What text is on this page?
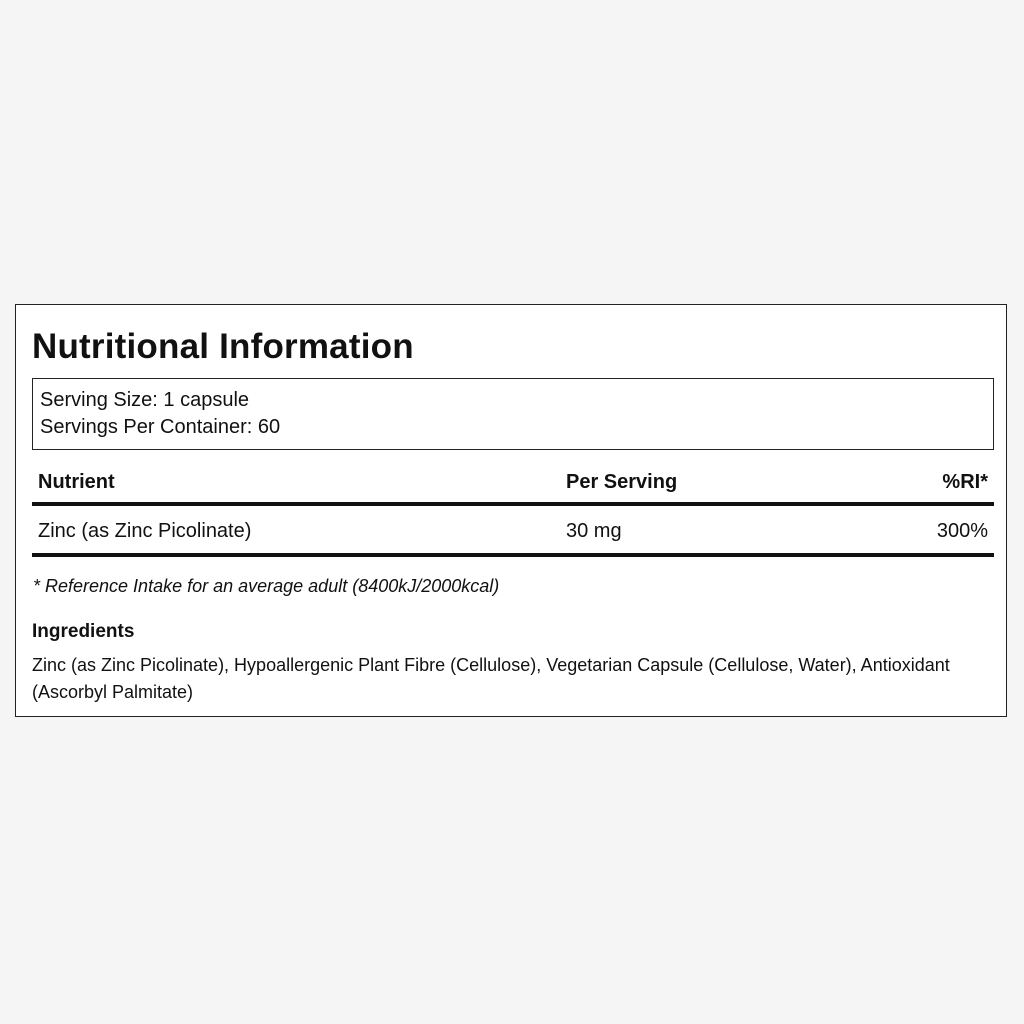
Nutritional Information
Serving Size: 1 capsule
Servings Per Container: 60
Nutrient	Per Serving	%RI*
Zinc (as Zinc Picolinate)	30 mg	300%
* Reference Intake for an average adult (8400kJ/2000kcal)
Ingredients
Zinc (as Zinc Picolinate), Hypoallergenic Plant Fibre (Cellulose), Vegetarian Capsule (Cellulose, Water), Antioxidant (Ascorbyl Palmitate)
